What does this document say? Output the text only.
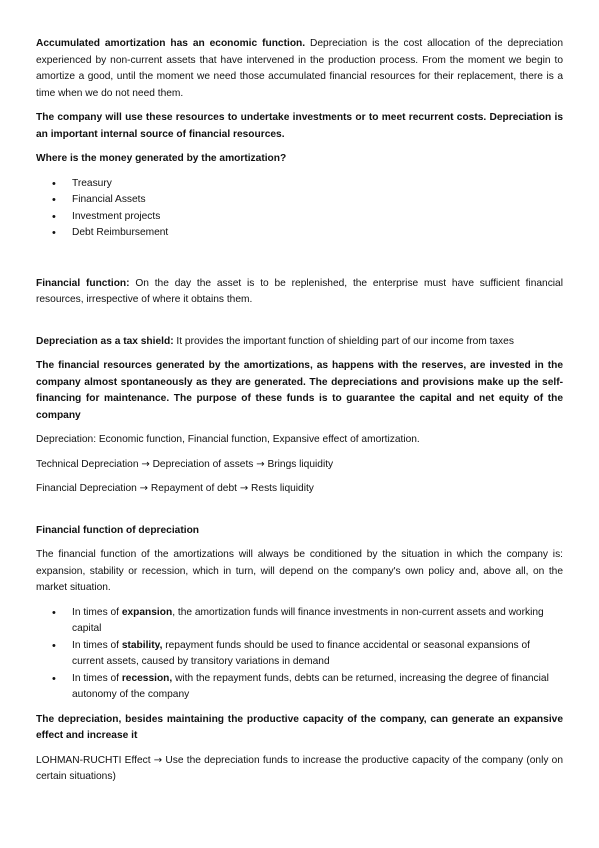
Accumulated amortization has an economic function. Depreciation is the cost allocation of the depreciation experienced by non-current assets that have intervened in the production process. From the moment we begin to amortize a good, until the moment we need those accumulated financial resources for their replacement, there is a time when we do not need them.

The company will use these resources to undertake investments or to meet recurrent costs. Depreciation is an important internal source of financial resources.

Where is the money generated by the amortization?

• Treasury
• Financial Assets
• Investment projects
• Debt Reimbursement

Financial function: On the day the asset is to be replenished, the enterprise must have sufficient financial resources, irrespective of where it obtains them.

Depreciation as a tax shield: It provides the important function of shielding part of our income from taxes

The financial resources generated by the amortizations, as happens with the reserves, are invested in the company almost spontaneously as they are generated. The depreciations and provisions make up the self-financing for maintenance. The purpose of these funds is to guarantee the capital and net equity of the company

Depreciation: Economic function, Financial function, Expansive effect of amortization.

Technical Depreciation → Depreciation of assets → Brings liquidity

Financial Depreciation → Repayment of debt → Rests liquidity

Financial function of depreciation

The financial function of the amortizations will always be conditioned by the situation in which the company is: expansion, stability or recession, which in turn, will depend on the company's own policy and, above all, on the market situation.

• In times of expansion, the amortization funds will finance investments in non-current assets and working capital
• In times of stability, repayment funds should be used to finance accidental or seasonal expansions of current assets, caused by transitory variations in demand
• In times of recession, with the repayment funds, debts can be returned, increasing the degree of financial autonomy of the company

The depreciation, besides maintaining the productive capacity of the company, can generate an expansive effect and increase it

LOHMAN-RUCHTI Effect → Use the depreciation funds to increase the productive capacity of the company (only on certain situations)
